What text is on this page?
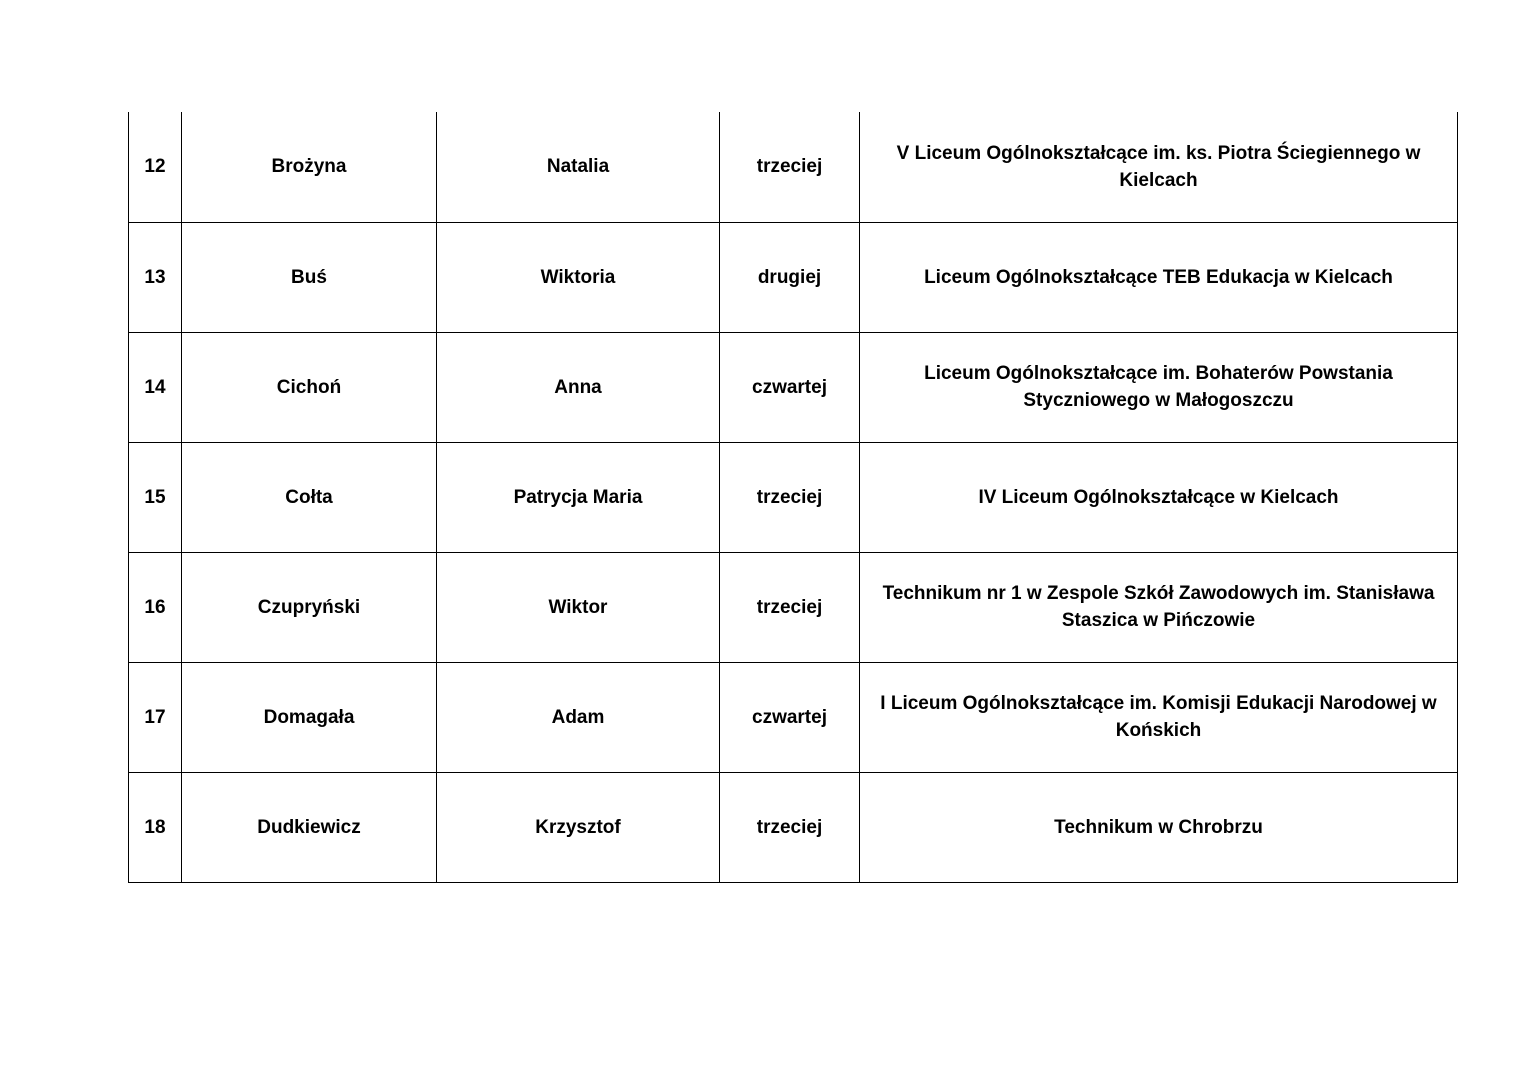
12	Brożyna	Natalia	trzeciej	V Liceum Ogólnokształcące im. ks. Piotra Ściegiennego w Kielcach
13	Buś	Wiktoria	drugiej	Liceum Ogólnokształcące TEB Edukacja w Kielcach
14	Cichoń	Anna	czwartej	Liceum Ogólnokształcące im. Bohaterów Powstania Styczniowego w Małogoszczu
15	Cołta	Patrycja Maria	trzeciej	IV Liceum Ogólnokształcące w Kielcach
16	Czupryński	Wiktor	trzeciej	Technikum nr 1 w Zespole Szkół Zawodowych im. Stanisława Staszica w Pińczowie
17	Domagała	Adam	czwartej	I Liceum Ogólnokształcące im. Komisji Edukacji Narodowej w Końskich
18	Dudkiewicz	Krzysztof	trzeciej	Technikum w Chrobrzu
